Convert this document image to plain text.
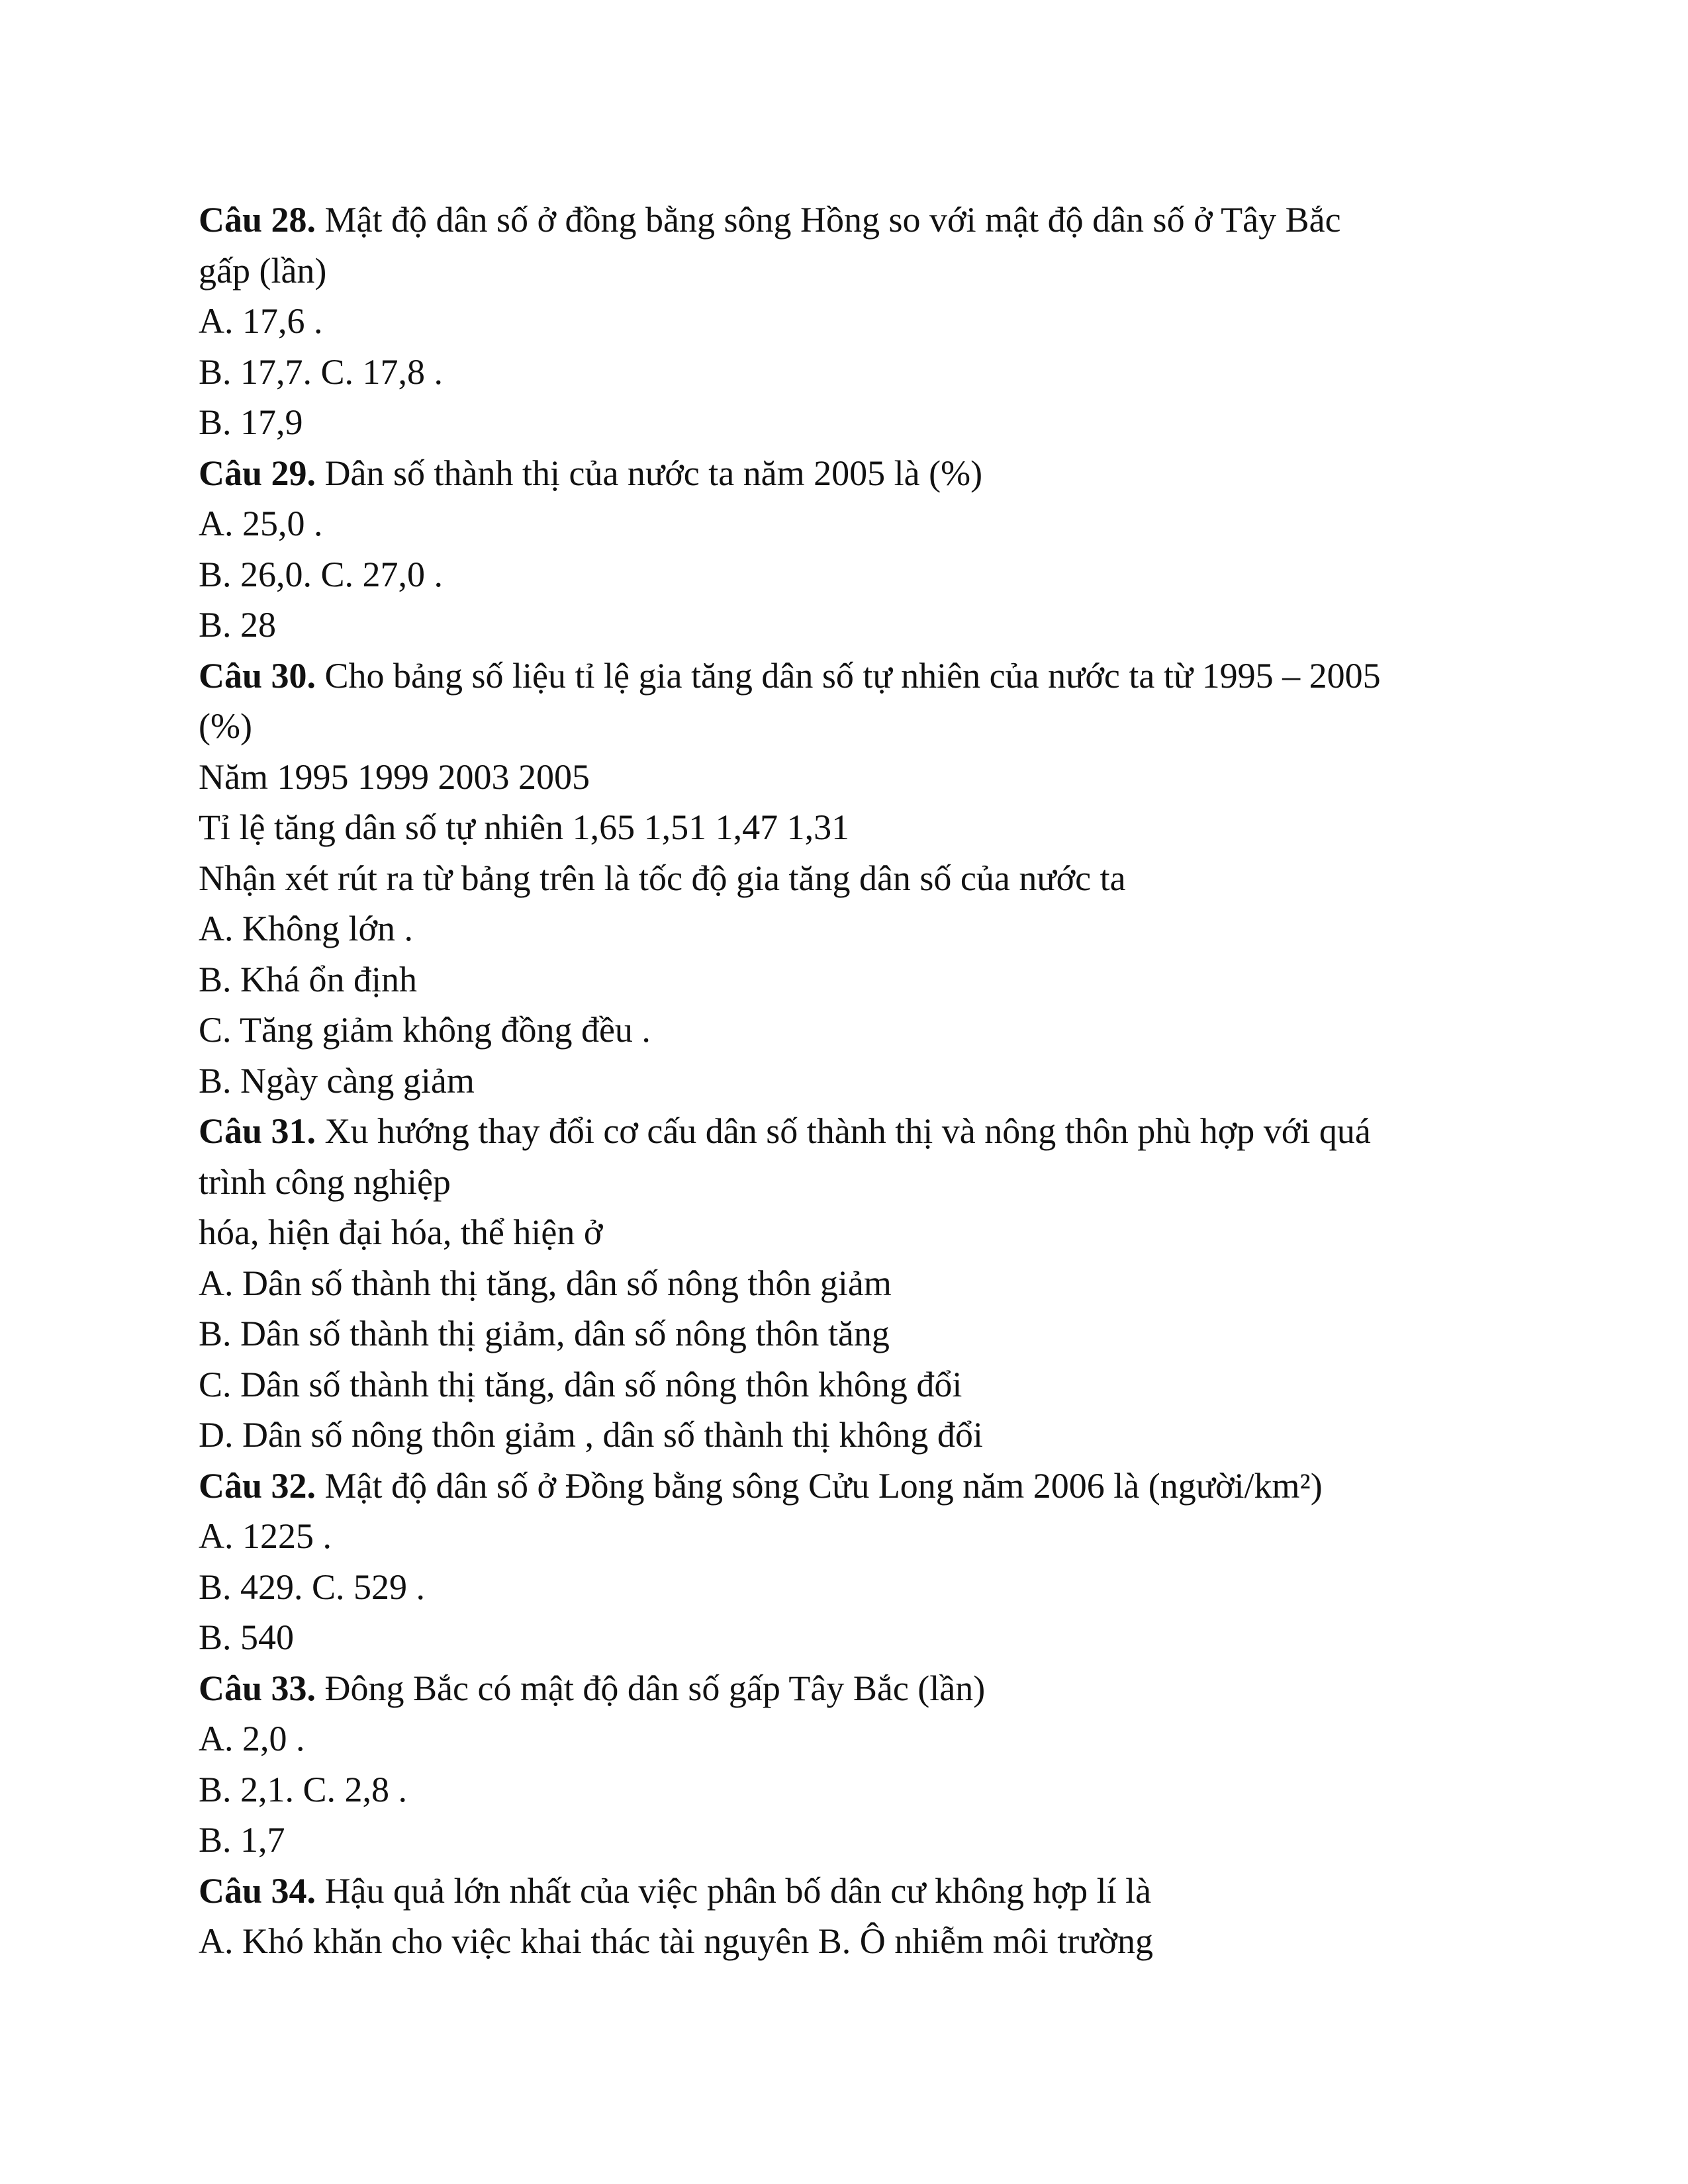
Câu 28. Mật độ dân số ở đồng bằng sông Hồng so với mật độ dân số ở Tây Bắc
gấp (lần)
A. 17,6 .
B. 17,7. C. 17,8 .
B. 17,9
Câu 29. Dân số thành thị của nước ta năm 2005 là (%)
A. 25,0 .
B. 26,0. C. 27,0 .
B. 28
Câu 30. Cho bảng số liệu tỉ lệ gia tăng dân số tự nhiên của nước ta từ 1995 – 2005
(%)
Năm 1995 1999 2003 2005
Tỉ lệ tăng dân số tự nhiên 1,65 1,51 1,47 1,31
Nhận xét rút ra từ bảng trên là tốc độ gia tăng dân số của nước ta
A. Không lớn .
B. Khá ổn định
C. Tăng giảm không đồng đều .
B. Ngày càng giảm
Câu 31. Xu hướng thay đổi cơ cấu dân số thành thị và nông thôn phù hợp với quá
trình công nghiệp
hóa, hiện đại hóa, thể hiện ở
A. Dân số thành thị tăng, dân số nông thôn giảm
B. Dân số thành thị giảm, dân số nông thôn tăng
C. Dân số thành thị tăng, dân số nông thôn không đổi
D. Dân số nông thôn giảm , dân số thành thị không đổi
Câu 32. Mật độ dân số ở Đồng bằng sông Cửu Long năm 2006 là (người/km²)
A. 1225 .
B. 429. C. 529 .
B. 540
Câu 33. Đông Bắc có mật độ dân số gấp Tây Bắc (lần)
A. 2,0 .
B. 2,1. C. 2,8 .
B. 1,7
Câu 34. Hậu quả lớn nhất của việc phân bố dân cư không hợp lí là
A. Khó khăn cho việc khai thác tài nguyên B. Ô nhiễm môi trường
